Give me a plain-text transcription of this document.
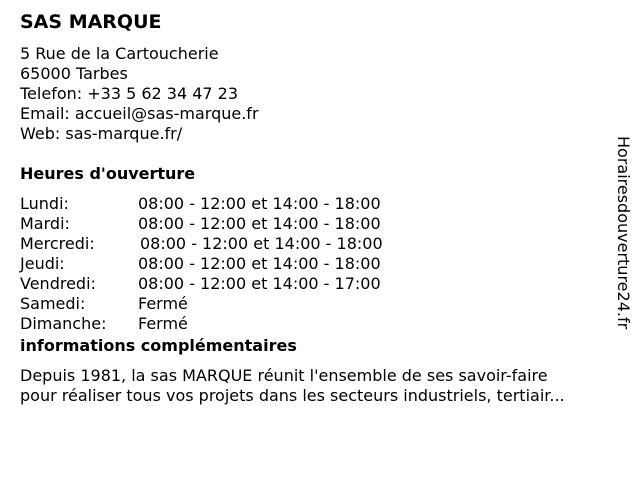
SAS MARQUE
5 Rue de la Cartoucherie
65000 Tarbes
Telefon: +33 5 62 34 47 23
Email: accueil@sas-marque.fr
Web: sas-marque.fr/
Heures d'ouverture
Lundi:	08:00 - 12:00 et 14:00 - 18:00
Mardi:	08:00 - 12:00 et 14:00 - 18:00
Mercredi:	08:00 - 12:00 et 14:00 - 18:00
Jeudi:	08:00 - 12:00 et 14:00 - 18:00
Vendredi:	08:00 - 12:00 et 14:00 - 17:00
Samedi:	Fermé
Dimanche:	Fermé
informations complémentaires
Depuis 1981, la sas MARQUE réunit l'ensemble de ses savoir-faire
pour réaliser tous vos projets dans les secteurs industriels, tertiair...
Horairesdouverture24.fr
